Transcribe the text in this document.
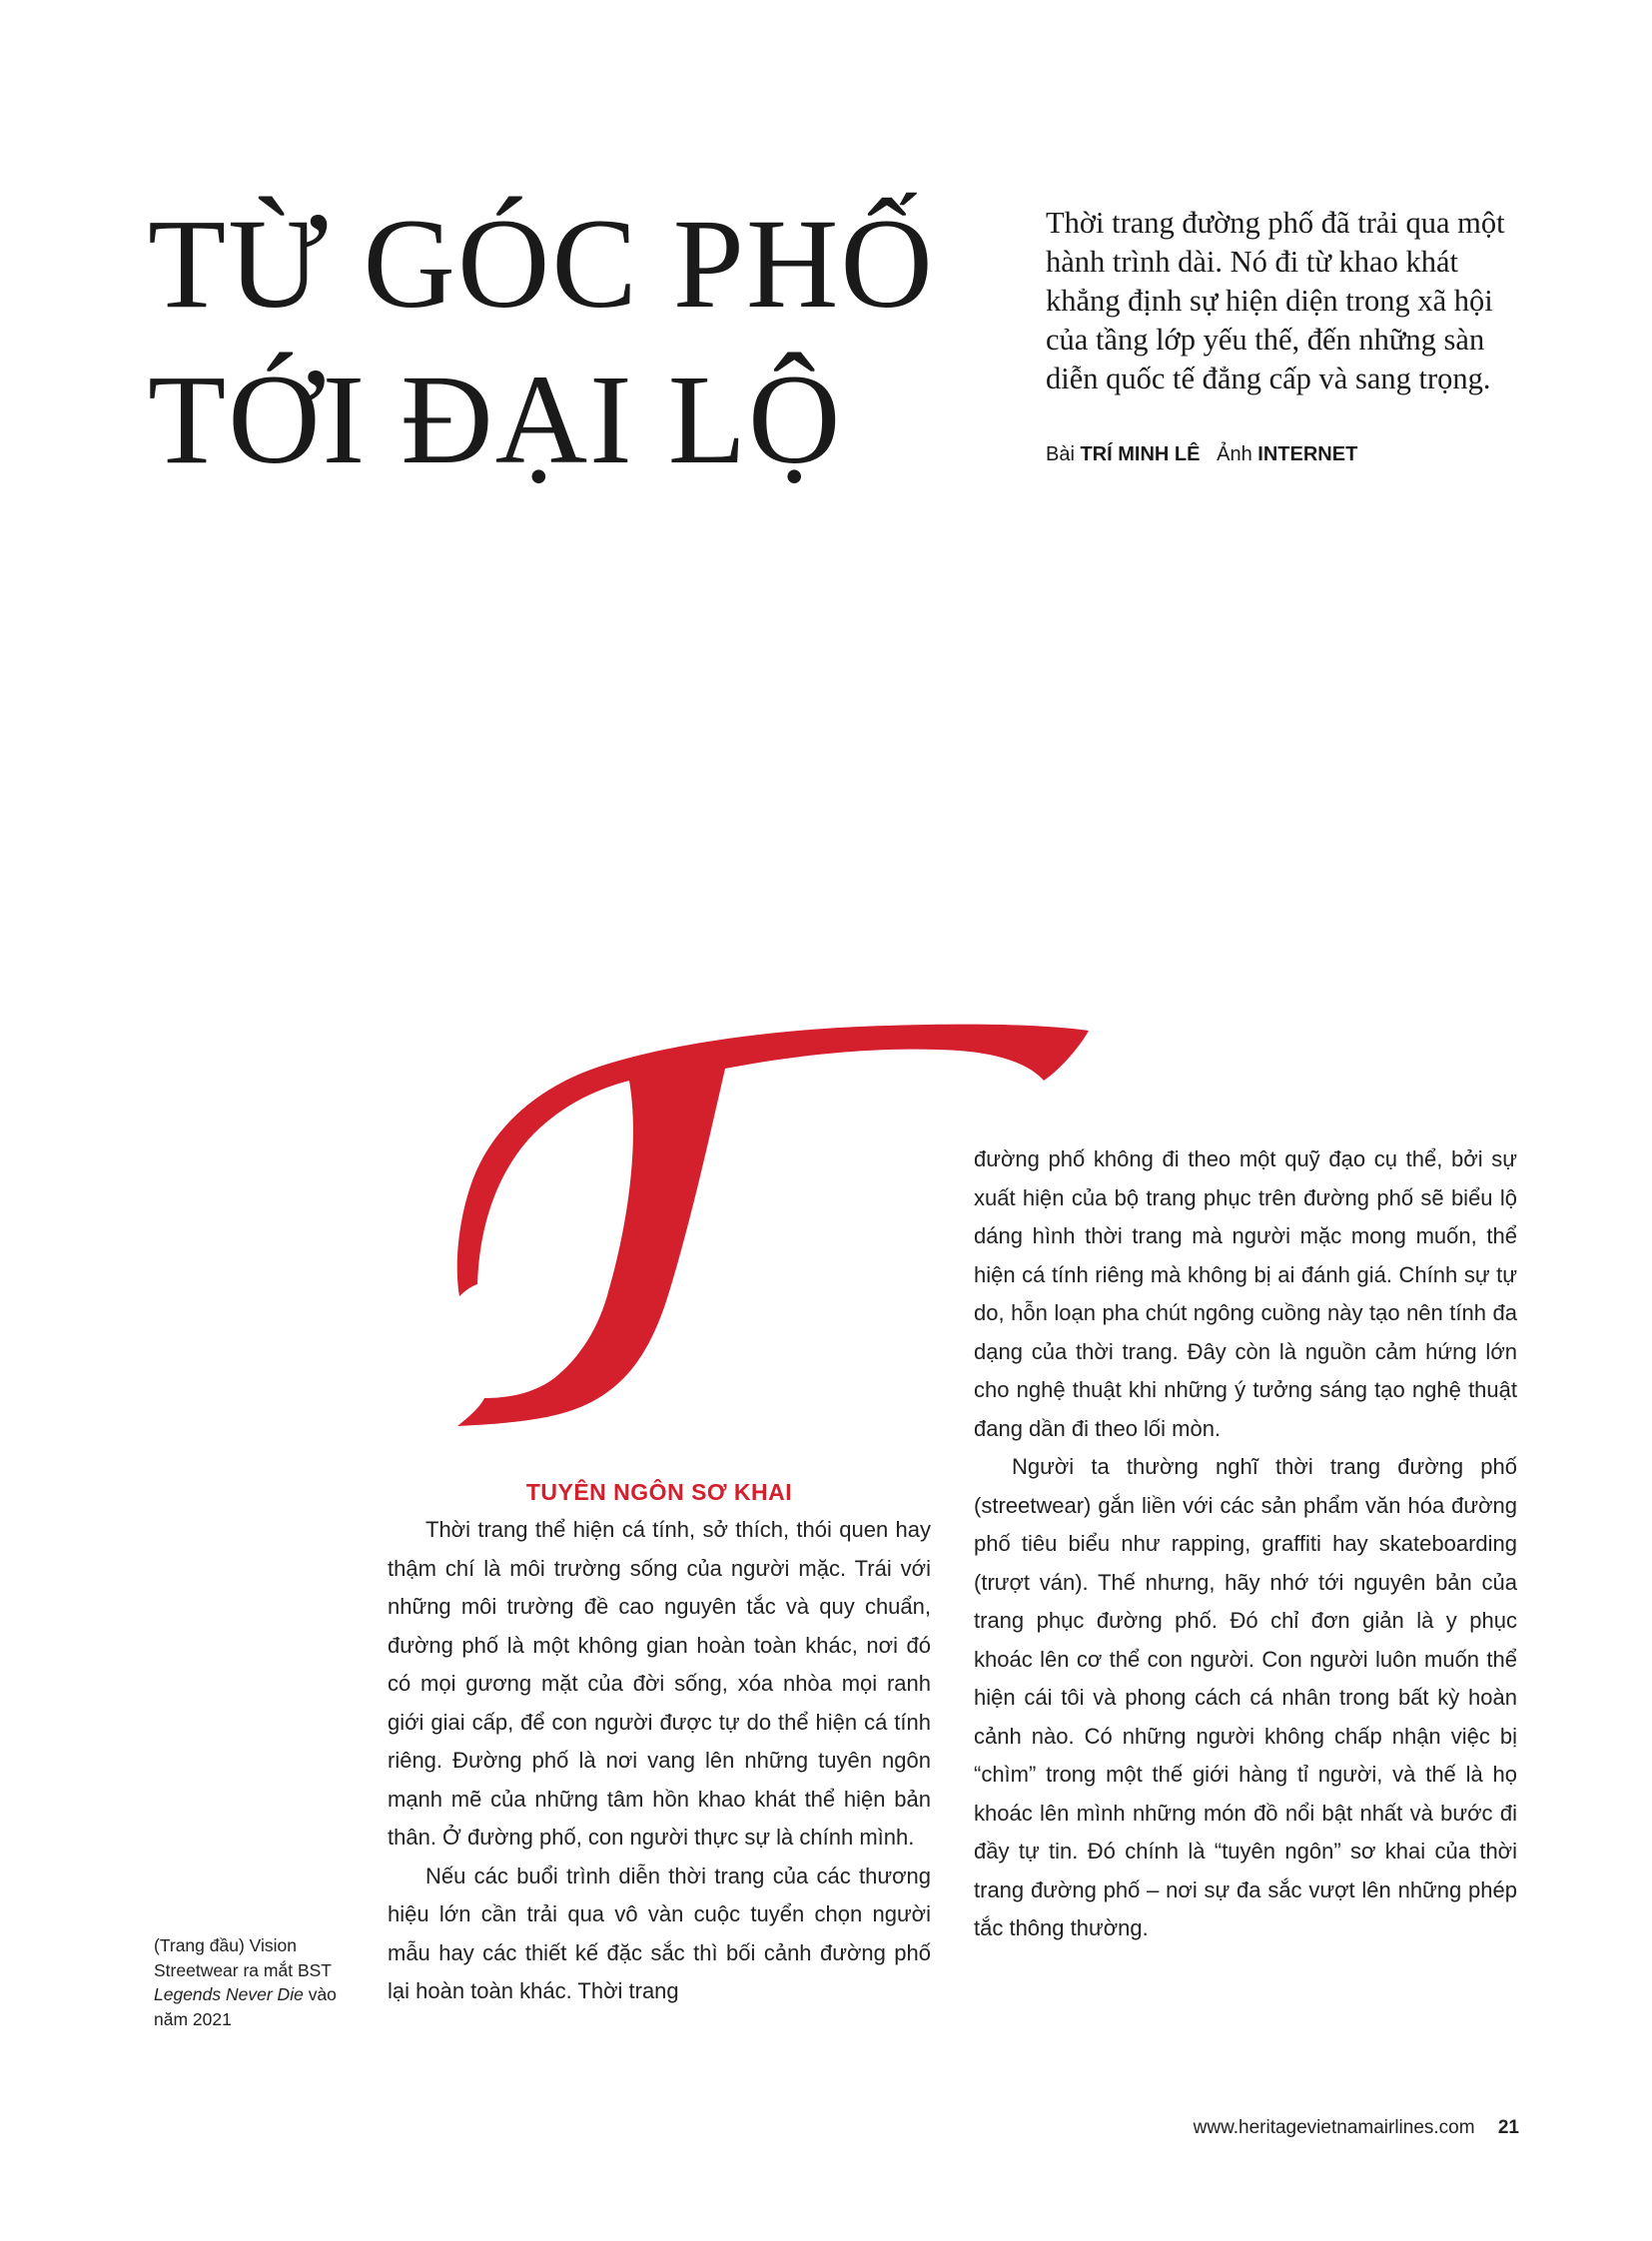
TỪ GÓC PHỐ
TỚI ĐẠI LỘ

Thời trang đường phố đã trải qua một hành trình dài. Nó đi từ khao khát khẳng định sự hiện diện trong xã hội của tầng lớp yếu thế, đến những sàn diễn quốc tế đẳng cấp và sang trọng.

Bài TRÍ MINH LÊ Ảnh INTERNET
TUYÊN NGÔN SƠ KHAI

Thời trang thể hiện cá tính, sở thích, thói quen hay thậm chí là môi trường sống của người mặc. Trái với những môi trường đề cao nguyên tắc và quy chuẩn, đường phố là một không gian hoàn toàn khác, nơi đó có mọi gương mặt của đời sống, xóa nhòa mọi ranh giới giai cấp, để con người được tự do thể hiện cá tính riêng. Đường phố là nơi vang lên những tuyên ngôn mạnh mẽ của những tâm hồn khao khát thể hiện bản thân. Ở đường phố, con người thực sự là chính mình.

Nếu các buổi trình diễn thời trang của các thương hiệu lớn cần trải qua vô vàn cuộc tuyển chọn người mẫu hay các thiết kế đặc sắc thì bối cảnh đường phố lại hoàn toàn khác. Thời trang

đường phố không đi theo một quỹ đạo cụ thể, bởi sự xuất hiện của bộ trang phục trên đường phố sẽ biểu lộ dáng hình thời trang mà người mặc mong muốn, thể hiện cá tính riêng mà không bị ai đánh giá. Chính sự tự do, hỗn loạn pha chút ngông cuồng này tạo nên tính đa dạng của thời trang. Đây còn là nguồn cảm hứng lớn cho nghệ thuật khi những ý tưởng sáng tạo nghệ thuật đang dần đi theo lối mòn.

Người ta thường nghĩ thời trang đường phố (streetwear) gắn liền với các sản phẩm văn hóa đường phố tiêu biểu như rapping, graffiti hay skateboarding (trượt ván). Thế nhưng, hãy nhớ tới nguyên bản của trang phục đường phố. Đó chỉ đơn giản là y phục khoác lên cơ thể con người. Con người luôn muốn thể hiện cái tôi và phong cách cá nhân trong bất kỳ hoàn cảnh nào. Có những người không chấp nhận việc bị “chìm” trong một thế giới hàng tỉ người, và thế là họ khoác lên mình những món đồ nổi bật nhất và bước đi đầy tự tin. Đó chính là “tuyên ngôn” sơ khai của thời trang đường phố – nơi sự đa sắc vượt lên những phép tắc thông thường.

(Trang đầu) Vision Streetwear ra mắt BST Legends Never Die vào năm 2021
www.heritagevietnamairlines.com 21
